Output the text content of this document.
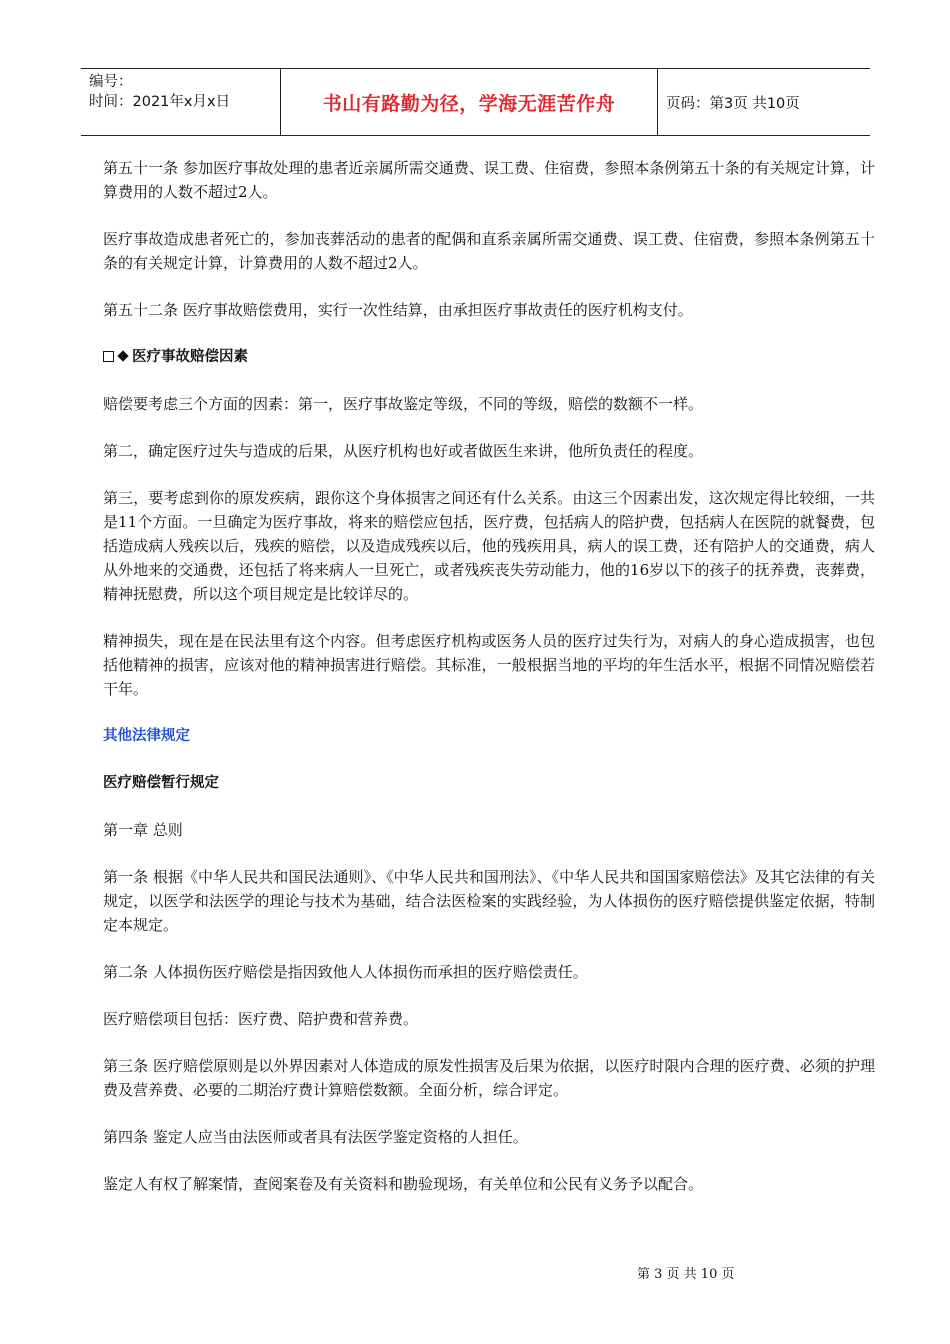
编号：
时间：2021年x月x日	书山有路勤为径，学海无涯苦作舟	页码：第3页 共10页

第五十一条 参加医疗事故处理的患者近亲属所需交通费、误工费、住宿费，参照本条例第五十条的有关规定计算，计算费用的人数不超过2人。

医疗事故造成患者死亡的，参加丧葬活动的患者的配偶和直系亲属所需交通费、误工费、住宿费，参照本条例第五十条的有关规定计算，计算费用的人数不超过2人。

第五十二条 医疗事故赔偿费用，实行一次性结算，由承担医疗事故责任的医疗机构支付。

医疗事故赔偿因素

赔偿要考虑三个方面的因素：第一，医疗事故鉴定等级，不同的等级，赔偿的数额不一样。

第二，确定医疗过失与造成的后果，从医疗机构也好或者做医生来讲，他所负责任的程度。

第三，要考虑到你的原发疾病，跟你这个身体损害之间还有什么关系。由这三个因素出发，这次规定得比较细，一共是11个方面。一旦确定为医疗事故，将来的赔偿应包括，医疗费，包括病人的陪护费，包括病人在医院的就餐费，包括造成病人残疾以后，残疾的赔偿，以及造成残疾以后，他的残疾用具，病人的误工费，还有陪护人的交通费，病人从外地来的交通费，还包括了将来病人一旦死亡，或者残疾丧失劳动能力，他的16岁以下的孩子的抚养费，丧葬费，精神抚慰费，所以这个项目规定是比较详尽的。

精神损失，现在是在民法里有这个内容。但考虑医疗机构或医务人员的医疗过失行为，对病人的身心造成损害，也包括他精神的损害，应该对他的精神损害进行赔偿。其标准，一般根据当地的平均的年生活水平，根据不同情况赔偿若干年。

其他法律规定

医疗赔偿暂行规定

第一章 总则

第一条 根据《中华人民共和国民法通则》、《中华人民共和国刑法》、《中华人民共和国国家赔偿法》及其它法律的有关规定，以医学和法医学的理论与技术为基础，结合法医检案的实践经验，为人体损伤的医疗赔偿提供鉴定依据，特制定本规定。

第二条 人体损伤医疗赔偿是指因致他人人体损伤而承担的医疗赔偿责任。

医疗赔偿项目包括：医疗费、陪护费和营养费。

第三条 医疗赔偿原则是以外界因素对人体造成的原发性损害及后果为依据，以医疗时限内合理的医疗费、必须的护理费及营养费、必要的二期治疗费计算赔偿数额。全面分析，综合评定。

第四条 鉴定人应当由法医师或者具有法医学鉴定资格的人担任。

鉴定人有权了解案情，查阅案卷及有关资料和勘验现场，有关单位和公民有义务予以配合。

第 3 页 共 10 页
